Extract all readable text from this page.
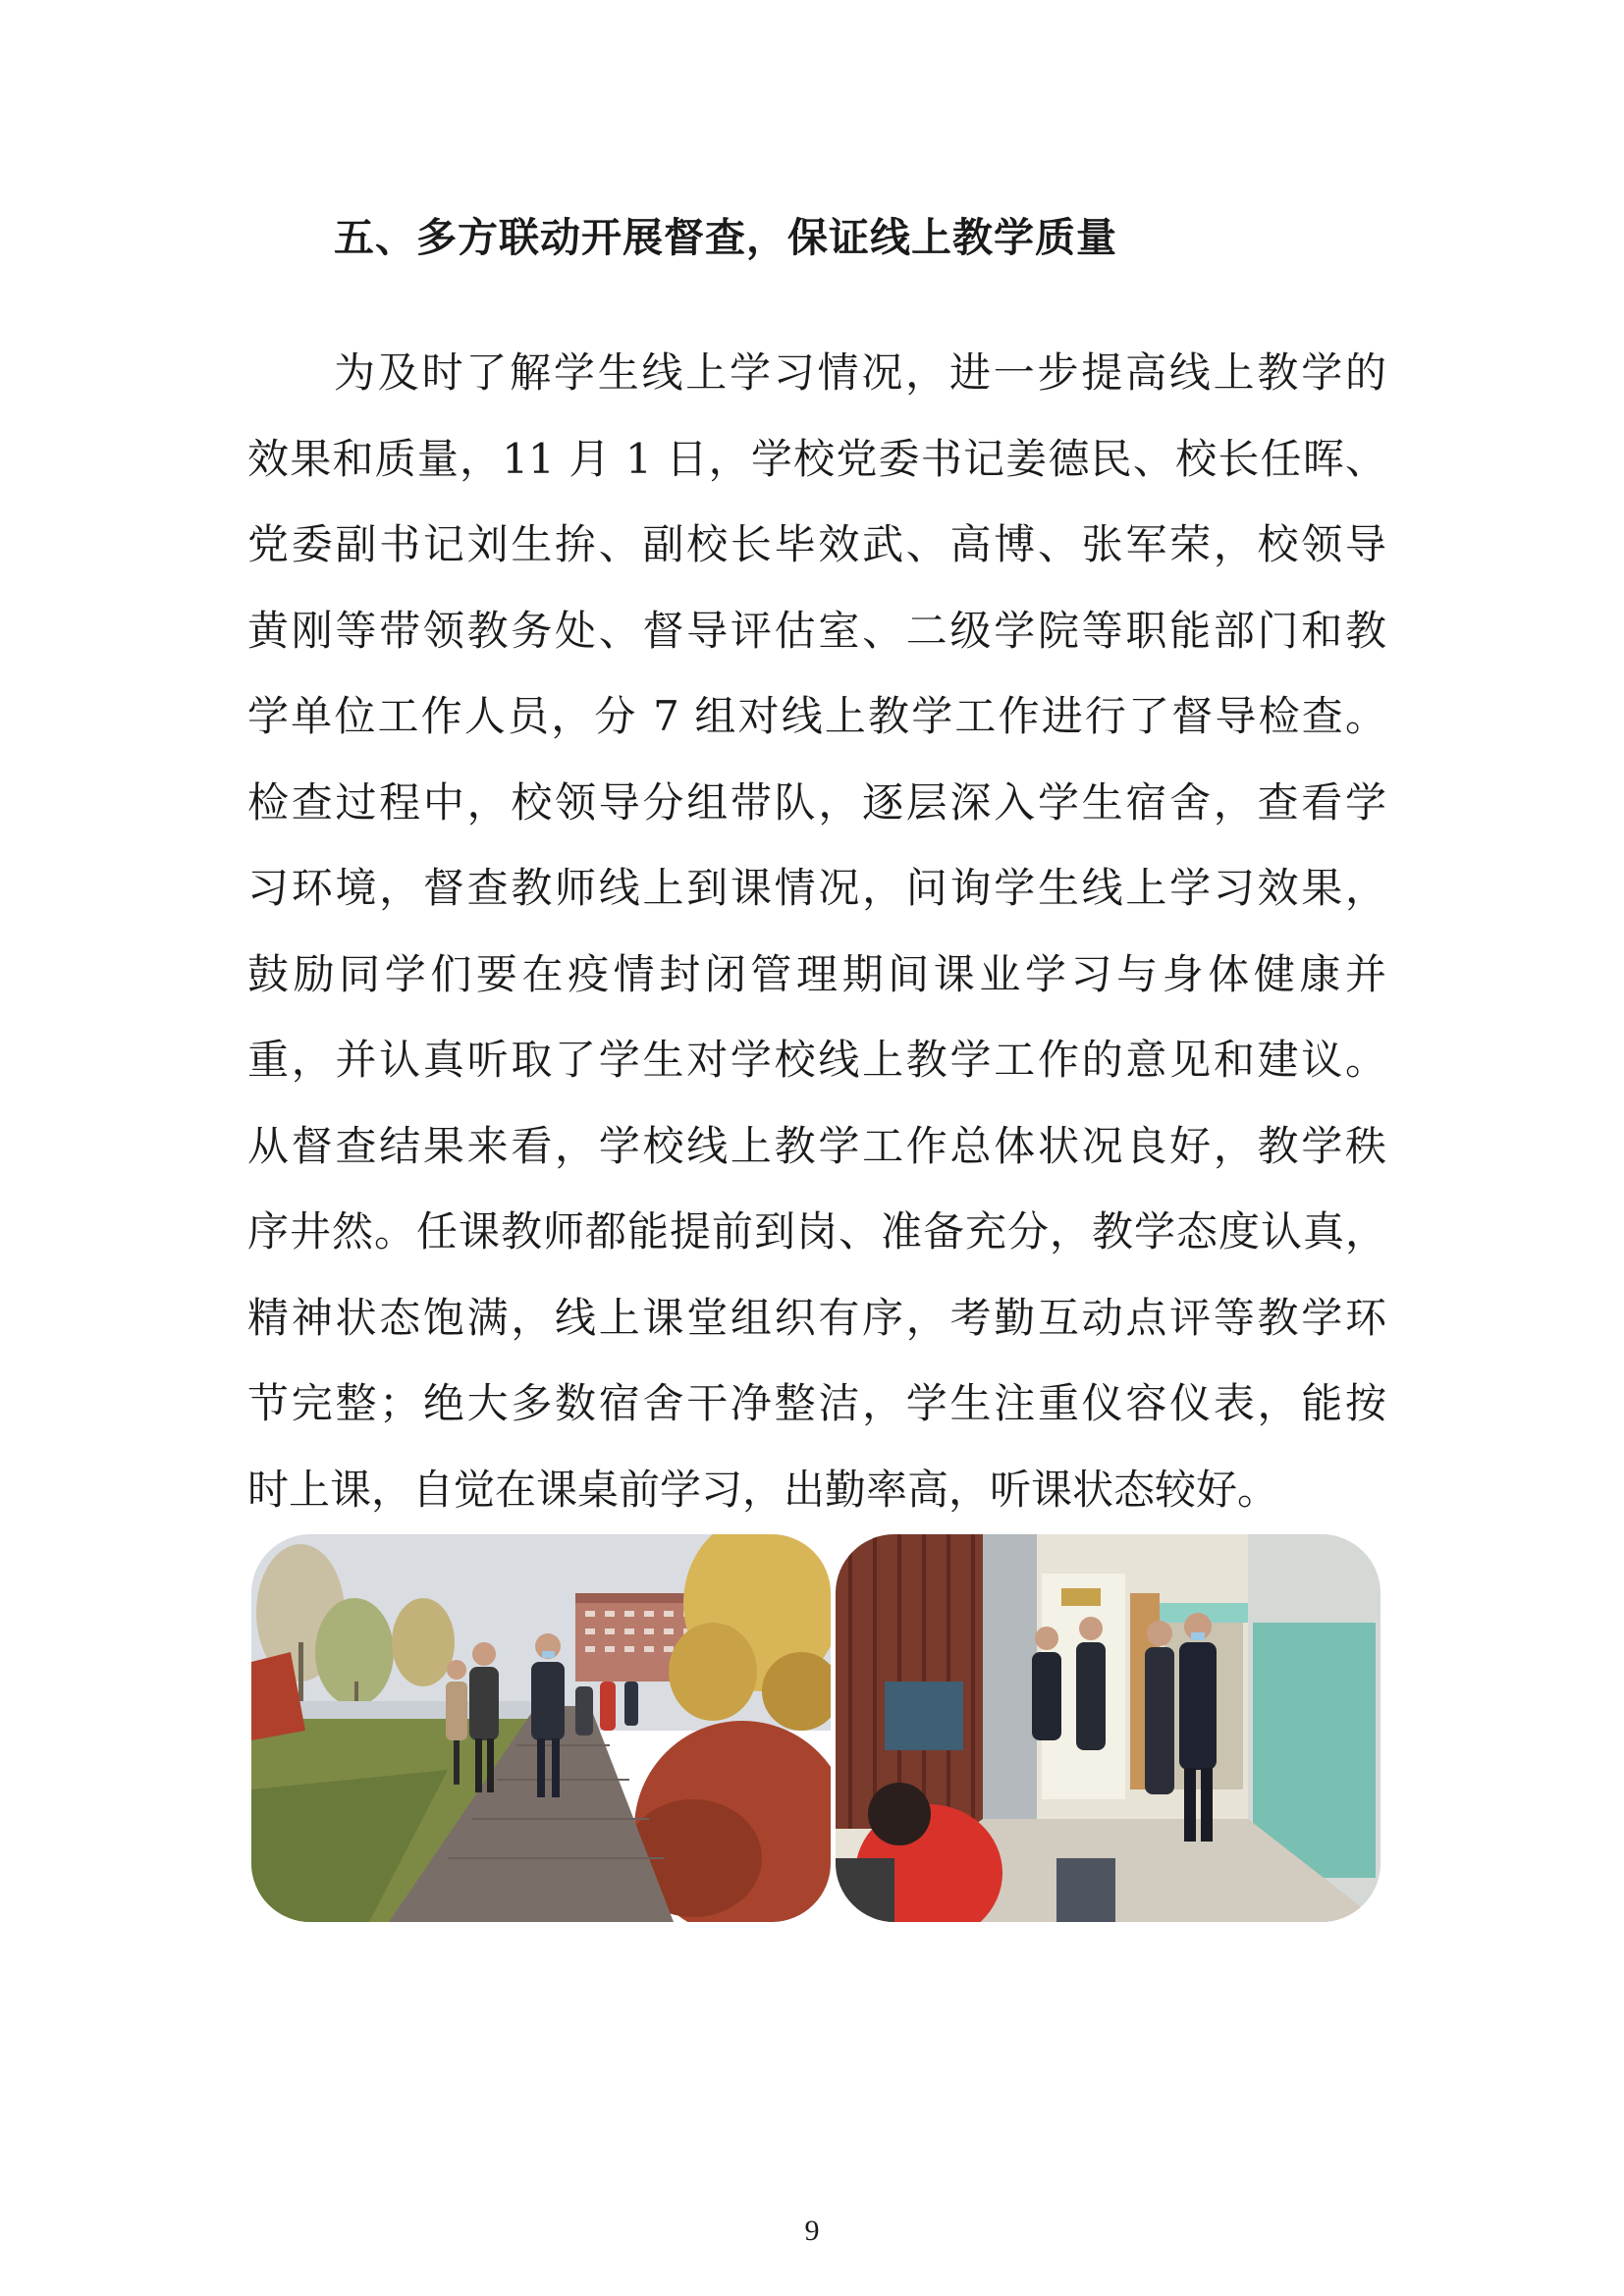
五、多方联动开展督查，保证线上教学质量
为及时了解学生线上学习情况，进一步提高线上教学的
效果和质量，11 月 1 日，学校党委书记姜德民、校长任晖、
党委副书记刘生拚、副校长毕效武、高博、张军荣，校领导
黄刚等带领教务处、督导评估室、二级学院等职能部门和教
学单位工作人员，分 7 组对线上教学工作进行了督导检查。
检查过程中，校领导分组带队，逐层深入学生宿舍，查看学
习环境，督查教师线上到课情况，问询学生线上学习效果，
鼓励同学们要在疫情封闭管理期间课业学习与身体健康并
重，并认真听取了学生对学校线上教学工作的意见和建议。
从督查结果来看，学校线上教学工作总体状况良好，教学秩
序井然。任课教师都能提前到岗、准备充分，教学态度认真，
精神状态饱满，线上课堂组织有序，考勤互动点评等教学环
节完整；绝大多数宿舍干净整洁，学生注重仪容仪表，能按
时上课，自觉在课桌前学习，出勤率高，听课状态较好。
9
